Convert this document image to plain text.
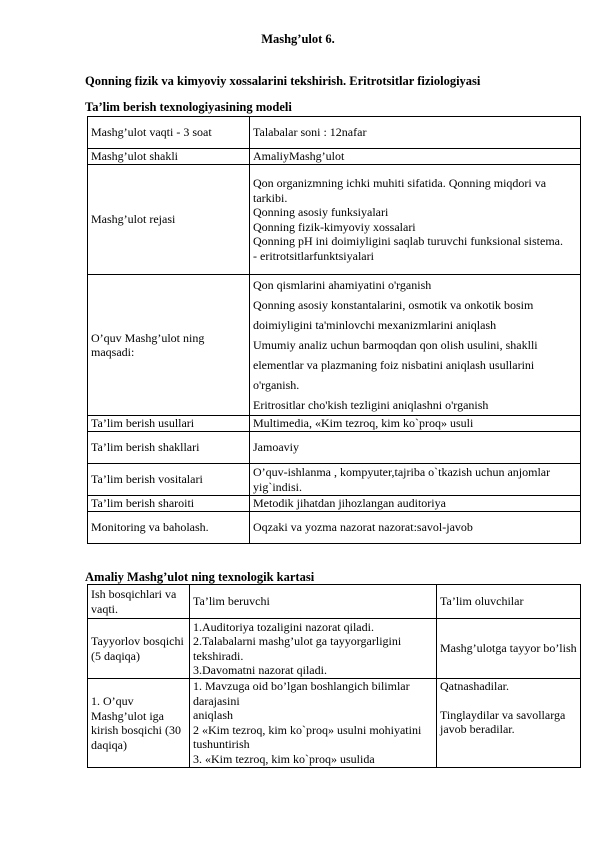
Mashg’ulot 6.
Qonning fizik va kimyoviy xossalarini tekshirish. Eritrotsitlar fiziologiyasi
Ta’lim berish texnologiyasining modeli
Mashg’ulot vaqti - 3 soat	Talabalar soni : 12nafar

Mashg’ulot shakli	AmaliyMashg’ulot

Mashg’ulot rejasi	Qon organizmning ichki muhiti sifatida. Qonning miqdori va tarkibi.
Qonning asosiy funksiyalari
Qonning fizik-kimyoviy xossalari
Qonning pH ini doimiyligini saqlab turuvchi funksional sistema.
- eritrotsitlarfunktsiyalari

O’quv Mashg’ulot ning maqsadi:	Qon qismlarini ahamiyatini o'rganish
Qonning asosiy konstantalarini, osmotik va onkotik bosim doimiyligini ta'minlovchi mexanizmlarini aniqlash
Umumiy analiz uchun barmoqdan qon olish usulini, shaklli elementlar va plazmaning foiz nisbatini aniqlash usullarini o'rganish.
Eritrositlar cho'kish tezligini aniqlashni o'rganish

Ta’lim berish usullari	Multimedia, «Kim tezroq, kim ko`proq» usuli

Ta’lim berish shakllari	Jamoaviy

Ta’lim berish vositalari	O’quv-ishlanma , kompyuter,tajriba o`tkazish uchun anjomlar yig`indisi.

Ta’lim berish sharoiti	Metodik jihatdan jihozlangan auditoriya

Monitoring va baholash.	Oqzaki va yozma nazorat nazorat:savol-javob
Amaliy Mashg’ulot ning texnologik kartasi
Ish bosqichlari va vaqti.	Ta’lim beruvchi	Ta’lim oluvchilar
Tayyorlov bosqichi (5 daqiqa)	1.Auditoriya tozaligini nazorat qiladi.
2.Talabalarni mashg’ulot ga tayyorgarligini tekshiradi.
3.Davomatni nazorat qiladi.	Mashg’ulotga tayyor bo’lish

1. O’quv Mashg’ulot iga kirish bosqichi (30 daqiqa)	1. Mavzuga oid bo’lgan boshlangich bilimlar darajasini
aniqlash
2 «Kim tezroq, kim ko`proq» usulni mohiyatini tushuntirish
3. «Kim tezroq, kim ko`proq» usulida	Qatnashadilar.
Tinglaydilar va savollarga javob beradilar.
